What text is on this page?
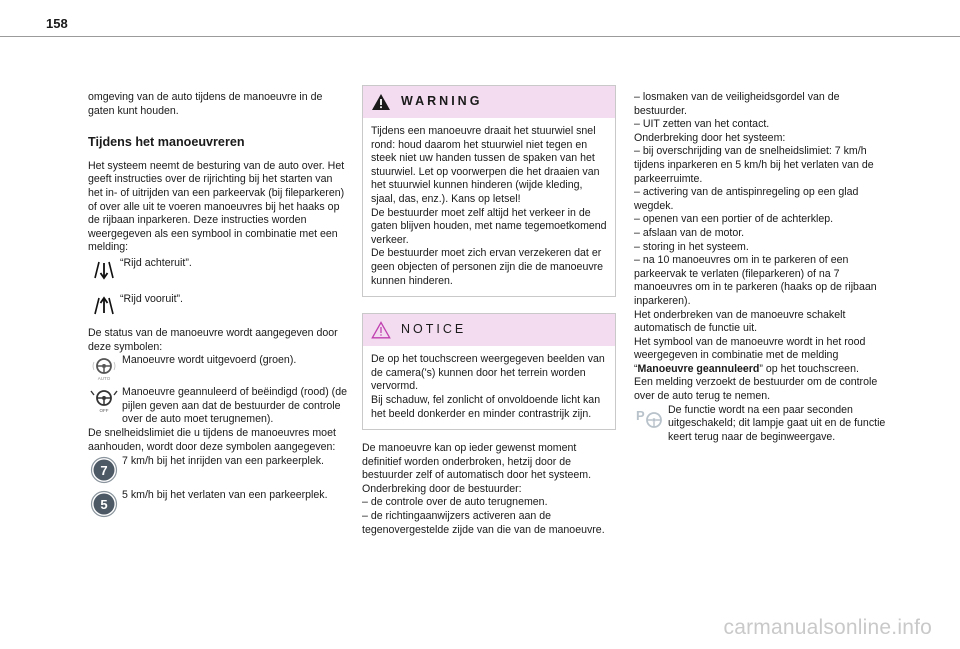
158

omgeving van de auto tijdens de manoeuvre in de gaten kunt houden.

Tijdens het manoeuvreren

Het systeem neemt de besturing van de auto over. Het geeft instructies over de rijrichting bij het starten van het in- of uitrijden van een parkeervak (bij fileparkeren) of over alle uit te voeren manoeuvres bij het haaks op de rijbaan inparkeren. Deze instructies worden weergegeven als een symbool in combinatie met een melding:

“Rijd achteruit”.
“Rijd vooruit”.

De status van de manoeuvre wordt aangegeven door deze symbolen:

AUTO
Manoeuvre wordt uitgevoerd (groen).
OFF
Manoeuvre geannuleerd of beëindigd (rood) (de pijlen geven aan dat de bestuurder de controle over de auto moet terugnemen).

De snelheidslimiet die u tijdens de manoeuvres moet aanhouden, wordt door deze symbolen aangegeven:

7
7 km/h bij het inrijden van een parkeerplek.
5
5 km/h bij het verlaten van een parkeerplek.
WARNING

Tijdens een manoeuvre draait het stuurwiel snel rond: houd daarom het stuurwiel niet tegen en steek niet uw handen tussen de spaken van het stuurwiel. Let op voorwerpen die het draaien van het stuurwiel kunnen hinderen (wijde kleding, sjaal, das, enz.). Kans op letsel!

De bestuurder moet zelf altijd het verkeer in de gaten blijven houden, met name tegemoetkomend verkeer.

De bestuurder moet zich ervan verzekeren dat er geen objecten of personen zijn die de manoeuvre kunnen hinderen.

NOTICE

De op het touchscreen weergegeven beelden van de camera('s) kunnen door het terrein worden vervormd.

Bij schaduw, fel zonlicht of onvoldoende licht kan het beeld donkerder en minder contrastrijk zijn.

De manoeuvre kan op ieder gewenst moment definitief worden onderbroken, hetzij door de bestuurder zelf of automatisch door het systeem.

Onderbreking door de bestuurder:

– de controle over de auto terugnemen.

– de richtingaanwijzers activeren aan de tegenovergestelde zijde van die van de manoeuvre.

– losmaken van de veiligheidsgordel van de bestuurder.

– UIT zetten van het contact.

Onderbreking door het systeem:

– bij overschrijding van de snelheidslimiet: 7 km/h tijdens inparkeren en 5 km/h bij het verlaten van de parkeerruimte.

– activering van de antispinregeling op een glad wegdek.

– openen van een portier of de achterklep.

– afslaan van de motor.

– storing in het systeem.

– na 10 manoeuvres om in te parkeren of een parkeervak te verlaten (fileparkeren) of na 7 manoeuvres om in te parkeren (haaks op de rijbaan inparkeren).

Het onderbreken van de manoeuvre schakelt automatisch de functie uit.

Het symbool van de manoeuvre wordt in het rood weergegeven in combinatie met de melding “Manoeuvre geannuleerd” op het touchscreen.

Een melding verzoekt de bestuurder om de controle over de auto terug te nemen.

P De functie wordt na een paar seconden uitgeschakeld; dit lampje gaat uit en de functie keert terug naar de beginweergave.
carmanualsonline.info
